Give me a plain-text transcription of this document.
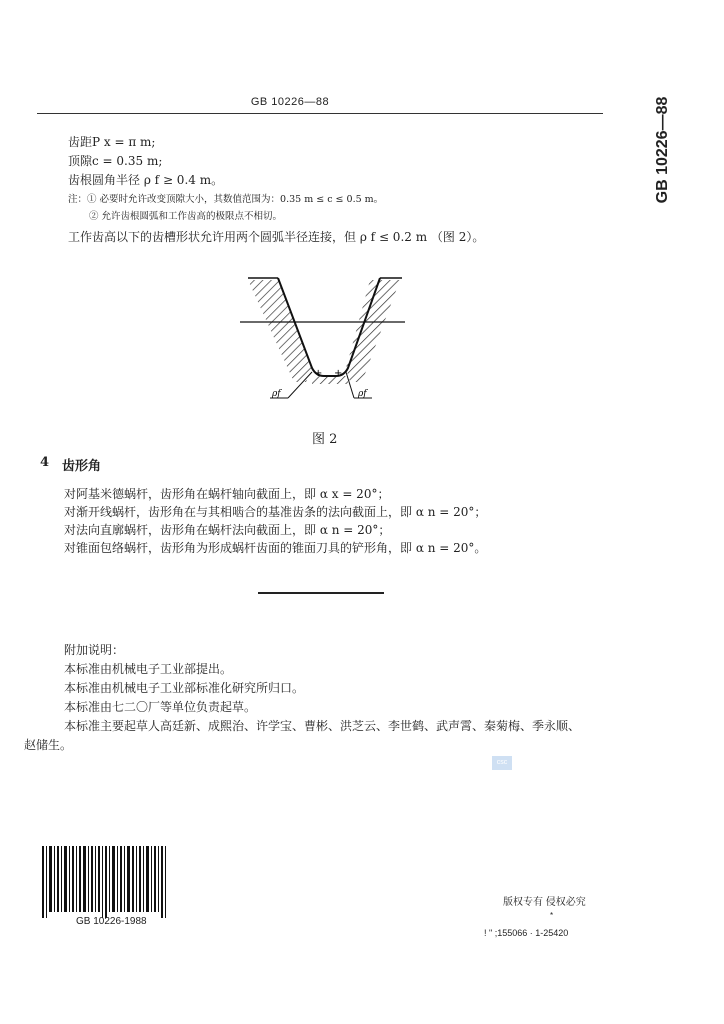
GB 10226—88	GB 10226—88
齿距P x = π m;
顶隙c = 0.35 m;
齿根圆角半径 ρ f ≥ 0.4 m。
注：① 必要时允许改变顶隙大小，其数值范围为：0.35 m ≤ c ≤ 0.5 m。
② 允许齿根圆弧和工作齿高的极限点不相切。
工作齿高以下的齿槽形状允许用两个圆弧半径连接，但 ρ f ≤ 0.2 m （图 2）。
+ +
ρf	ρf
图 2
4 齿形角
对阿基米德蜗杆，齿形角在蜗杆轴向截面上，即 α x = 20°；
对渐开线蜗杆，齿形角在与其相啮合的基准齿条的法向截面上，即 α n = 20°；
对法向直廓蜗杆，齿形角在蜗杆法向截面上，即 α n = 20°；
对锥面包络蜗杆，齿形角为形成蜗杆齿面的锥面刀具的铲形角，即 α n = 20°。
附加说明：
本标准由机械电子工业部提出。
本标准由机械电子工业部标准化研究所归口。
本标准由七二〇厂等单位负责起草。
本标准主要起草人高廷新、成熙治、许学宝、曹彬、洪芝云、李世鹤、武声霄、秦菊梅、季永顺、
赵储生。
csc
GB 10226-1988
版权专有 侵权必究
*
! " ;155066 · 1-25420
